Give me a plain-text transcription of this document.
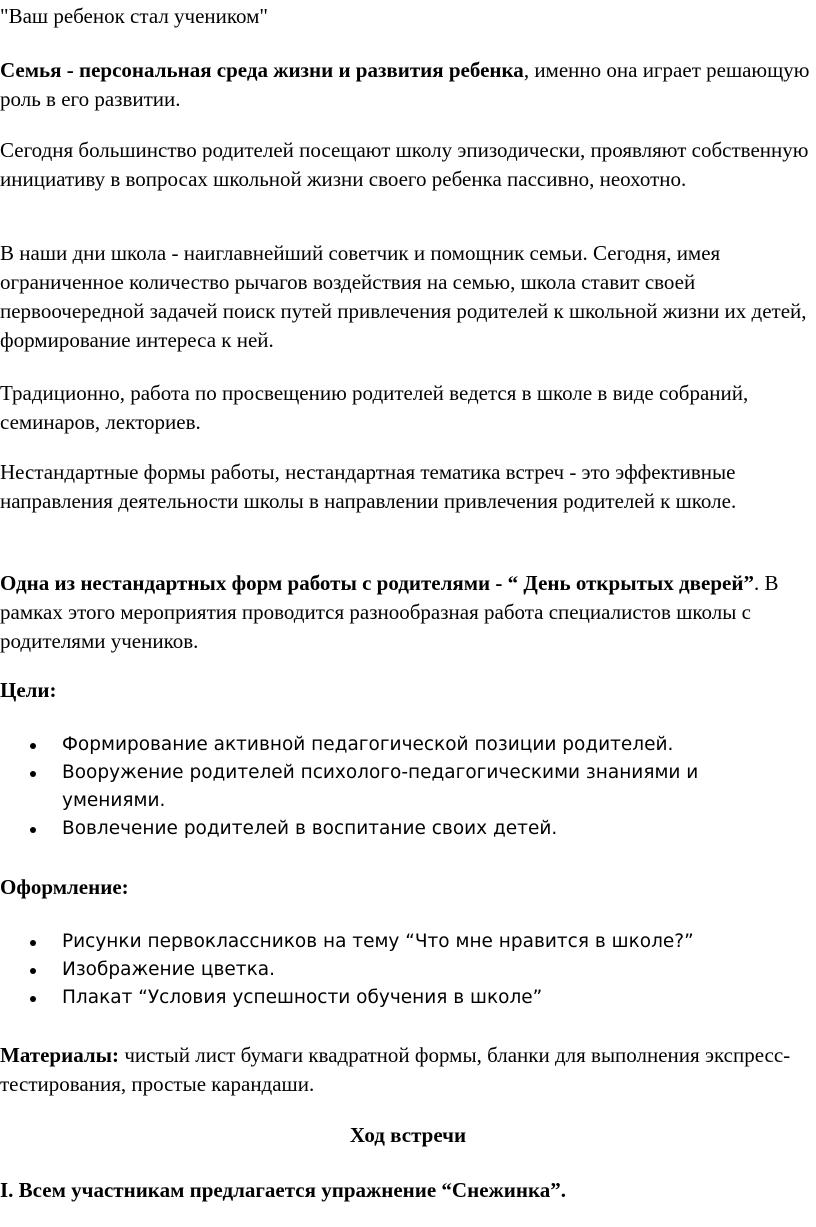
"Ваш ребенок стал учеником"

Семья - персональная среда жизни и развития ребенка, именно она играет решающую роль в его развитии.

Сегодня большинство родителей посещают школу эпизодически, проявляют собственную инициативу в вопросах школьной жизни своего ребенка пассивно, неохотно.

В наши дни школа - наиглавнейший советчик и помощник семьи. Сегодня, имея ограниченное количество рычагов воздействия на семью, школа ставит своей первоочередной задачей поиск путей привлечения родителей к школьной жизни их детей, формирование интереса к ней.

Традиционно, работа по просвещению родителей ведется в школе в виде собраний, семинаров, лекториев.

Нестандартные формы работы, нестандартная тематика встреч - это эффективные направления деятельности школы в направлении привлечения родителей к школе.

Одна из нестандартных форм работы с родителями - “ День открытых дверей”. В рамках этого мероприятия проводится разнообразная работа специалистов школы с родителями учеников.

Цели:

Формирование активной педагогической позиции родителей.
Вооружение родителей психолого-педагогическими знаниями и умениями.
Вовлечение родителей в воспитание своих детей.

Оформление:

Рисунки первоклассников на тему “Что мне нравится в школе?”
Изображение цветка.
Плакат “Условия успешности обучения в школе”

Материалы: чистый лист бумаги квадратной формы, бланки для выполнения экспресс-тестирования, простые карандаши.

Ход встречи

I. Всем участникам предлагается упражнение “Снежинка”.
